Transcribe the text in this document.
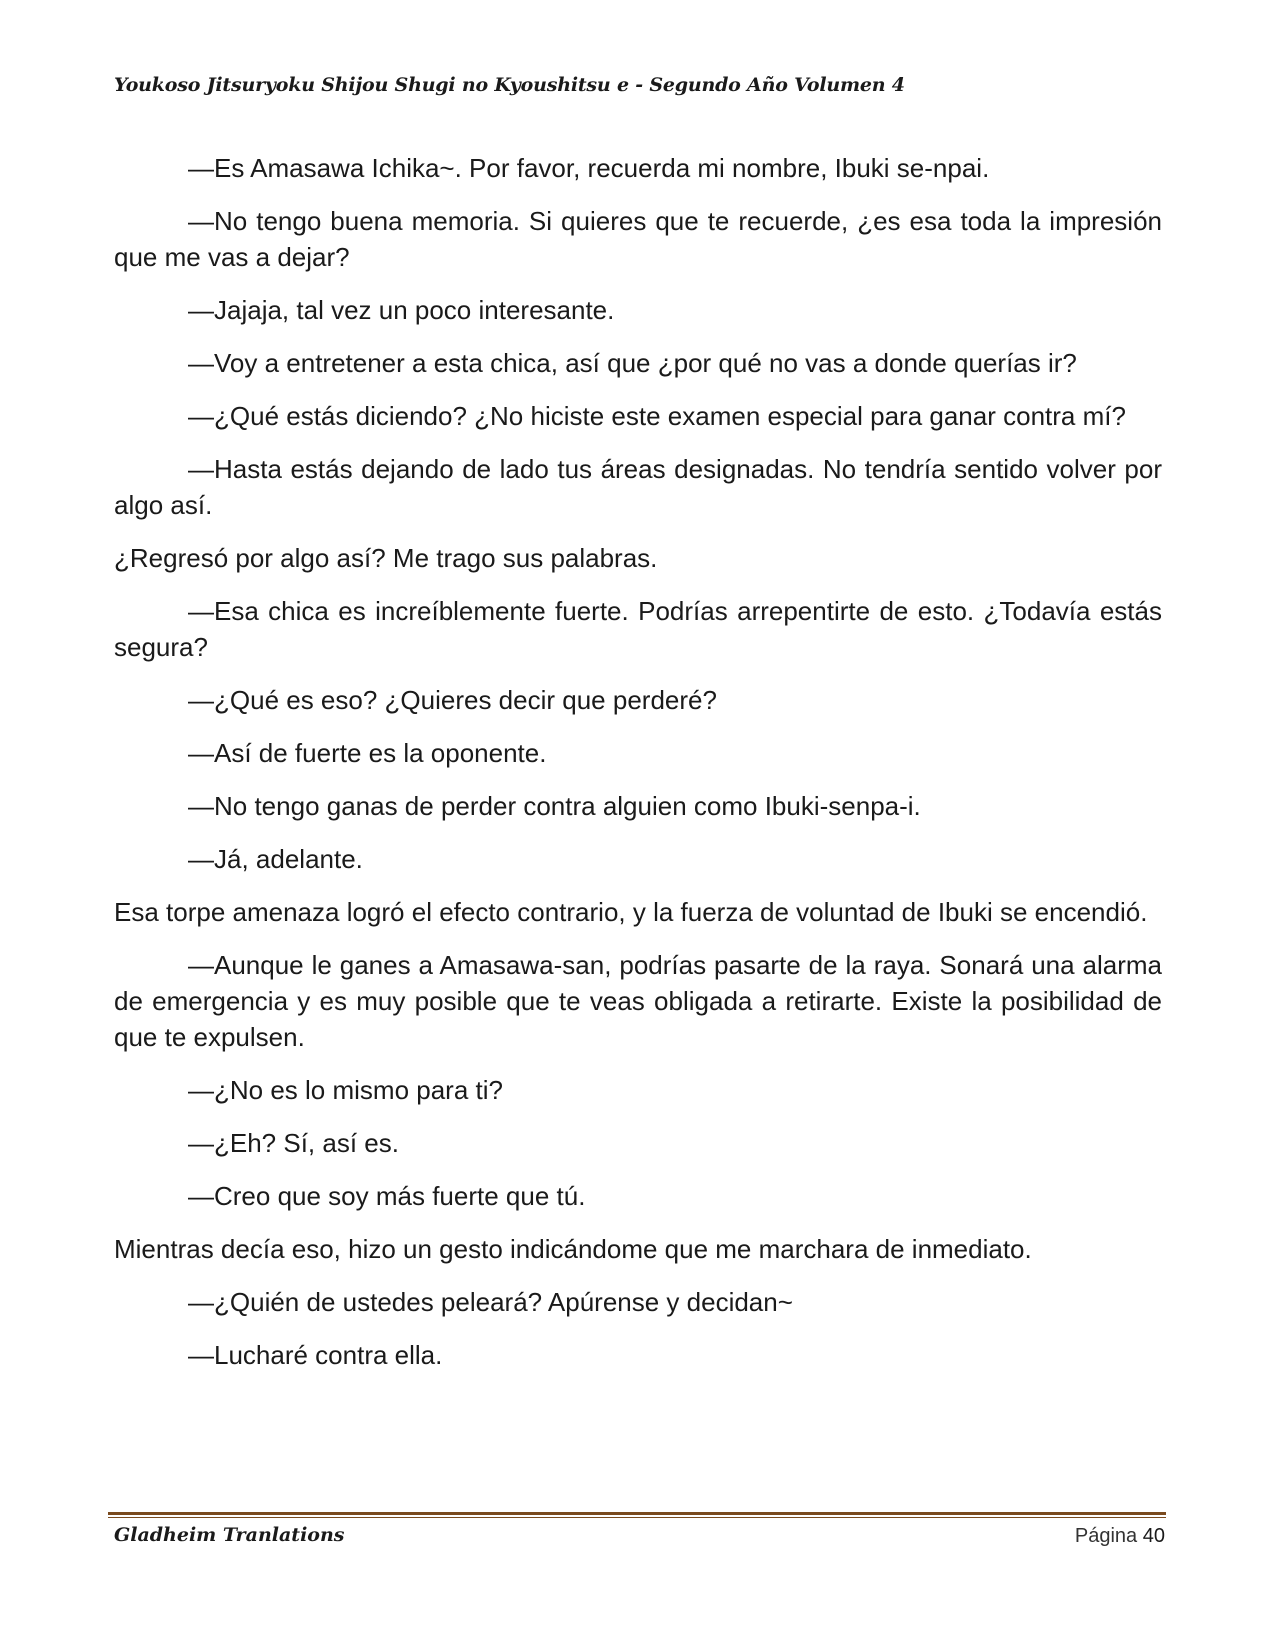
Youkoso Jitsuryoku Shijou Shugi no Kyoushitsu e - Segundo Año Volumen 4

—Es Amasawa Ichika~. Por favor, recuerda mi nombre, Ibuki se-npai.

—No tengo buena memoria. Si quieres que te recuerde, ¿es esa toda la impresión que me vas a dejar?

—Jajaja, tal vez un poco interesante.

—Voy a entretener a esta chica, así que ¿por qué no vas a donde querías ir?

—¿Qué estás diciendo? ¿No hiciste este examen especial para ganar contra mí?

—Hasta estás dejando de lado tus áreas designadas. No tendría sentido volver por algo así.

¿Regresó por algo así? Me trago sus palabras.

—Esa chica es increíblemente fuerte. Podrías arrepentirte de esto. ¿Todavía estás segura?

—¿Qué es eso? ¿Quieres decir que perderé?

—Así de fuerte es la oponente.

—No tengo ganas de perder contra alguien como Ibuki-senpa-i.

—Já, adelante.

Esa torpe amenaza logró el efecto contrario, y la fuerza de voluntad de Ibuki se encendió.

—Aunque le ganes a Amasawa-san, podrías pasarte de la raya. Sonará una alarma de emergencia y es muy posible que te veas obligada a retirarte. Existe la posibilidad de que te expulsen.

—¿No es lo mismo para ti?

—¿Eh? Sí, así es.

—Creo que soy más fuerte que tú.

Mientras decía eso, hizo un gesto indicándome que me marchara de inmediato.

—¿Quién de ustedes peleará? Apúrense y decidan~

—Lucharé contra ella.

Gladheim Tranlations	Página 40
